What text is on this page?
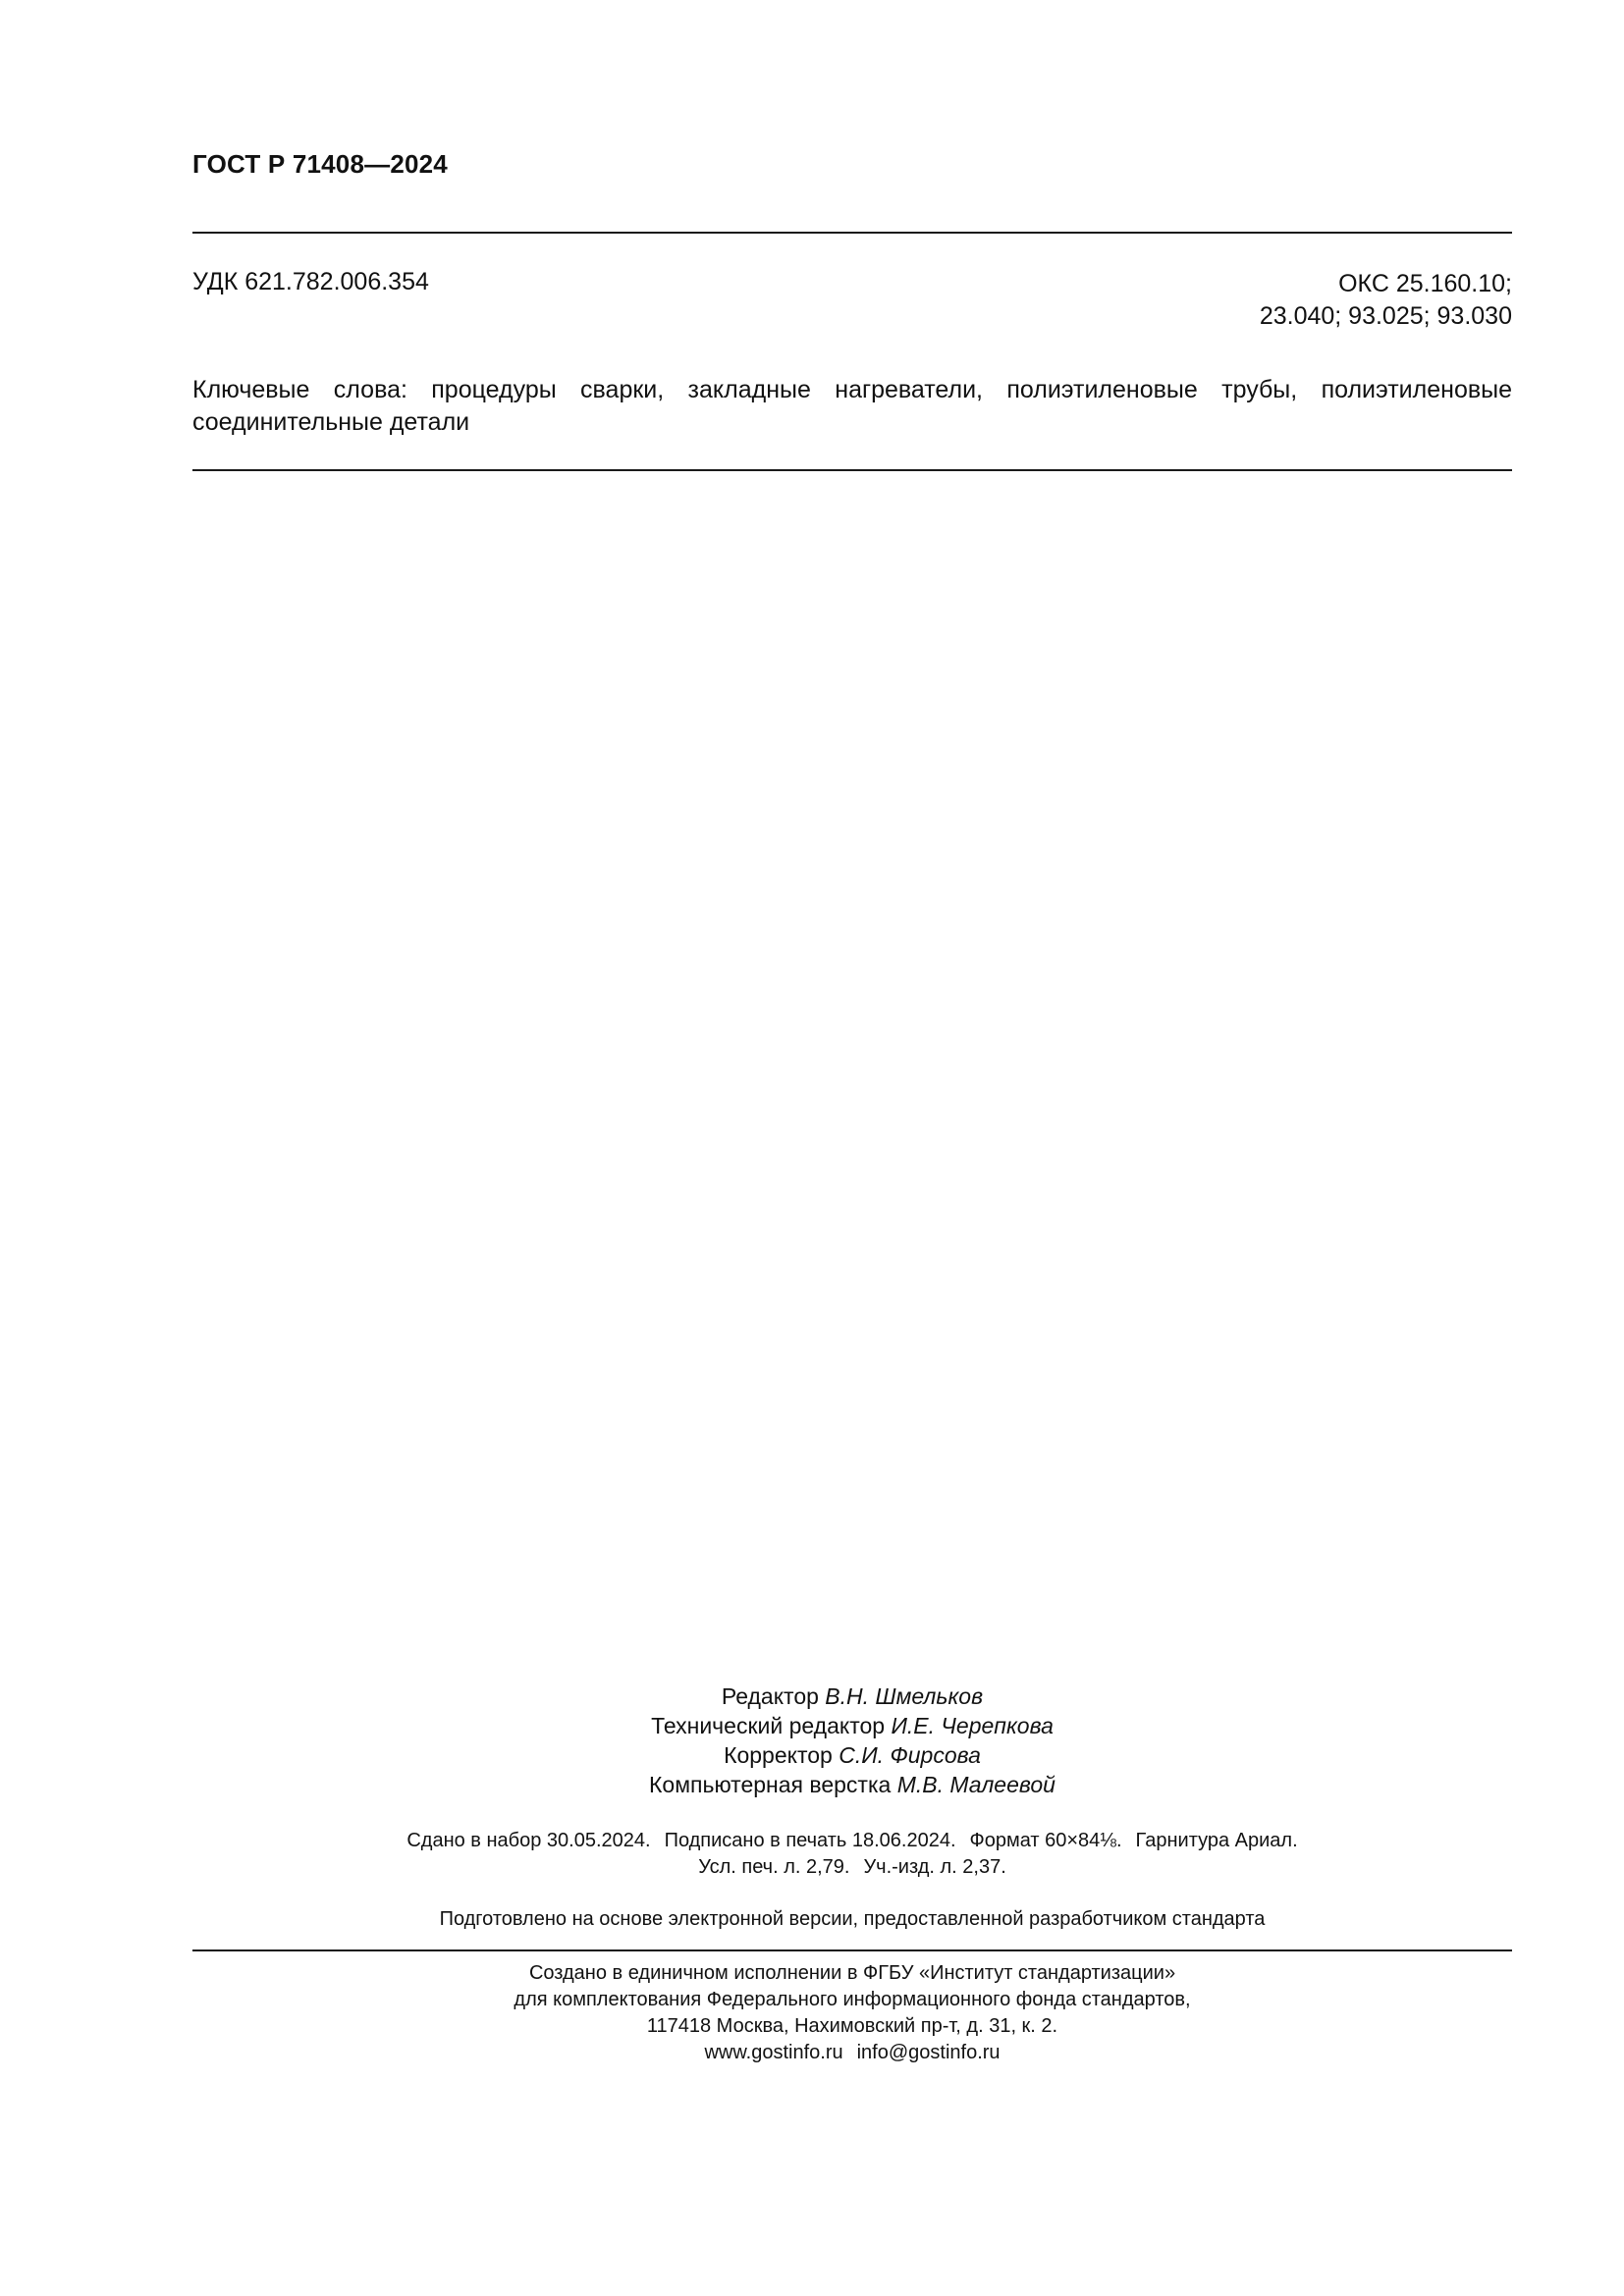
ГОСТ Р 71408—2024
УДК 621.782.006.354	ОКС 25.160.10;
23.040; 93.025; 93.030
Ключевые слова: процедуры сварки, закладные нагреватели, полиэтиленовые трубы, полиэтиленовые
соединительные детали
Редактор В.Н. Шмельков
Технический редактор И.Е. Черепкова
Корректор С.И. Фирсова
Компьютерная верстка М.В. Малеевой
Сдано в набор 30.05.2024. Подписано в печать 18.06.2024. Формат 60×84⅛. Гарнитура Ариал.
Усл. печ. л. 2,79. Уч.-изд. л. 2,37.
Подготовлено на основе электронной версии, предоставленной разработчиком стандарта
Создано в единичном исполнении в ФГБУ «Институт стандартизации»
для комплектования Федерального информационного фонда стандартов,
117418 Москва, Нахимовский пр-т, д. 31, к. 2.
www.gostinfo.ru info@gostinfo.ru
